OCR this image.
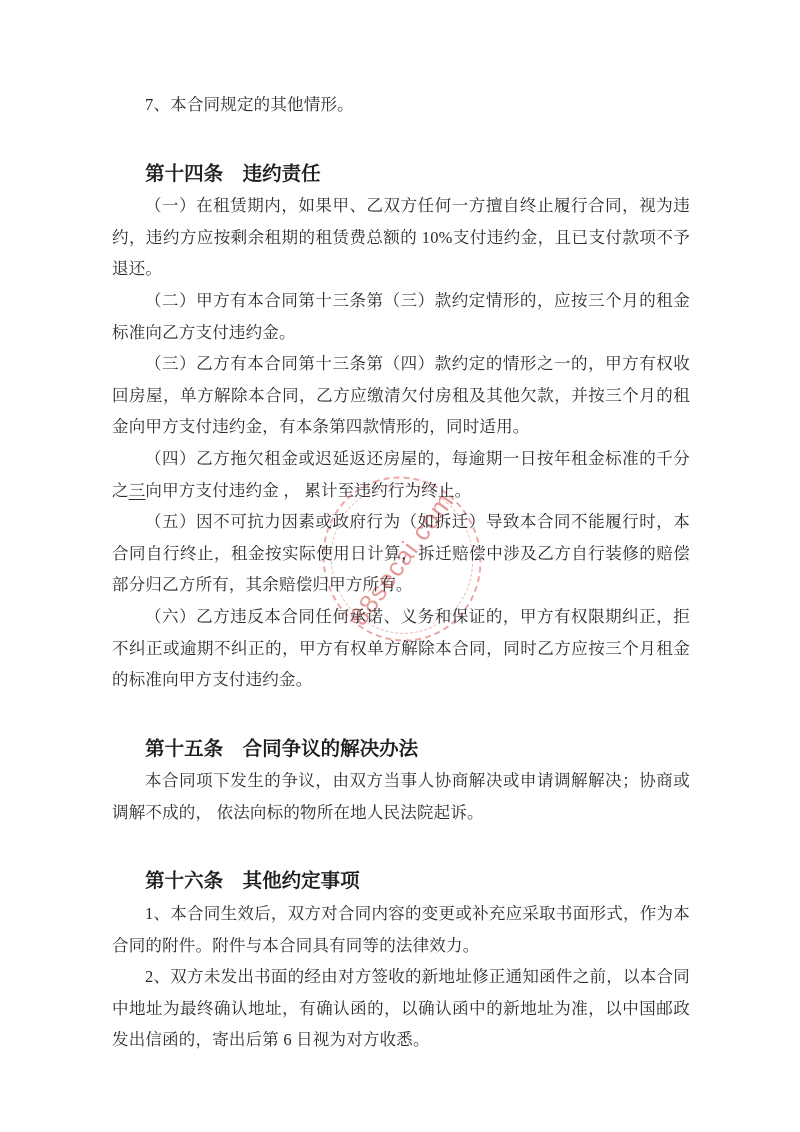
88secai.com

7、本合同规定的其他情形。

第十四条　违约责任

（一）在租赁期内，如果甲、乙双方任何一方擅自终止履行合同，视为违约，违约方应按剩余租期的租赁费总额的 10%支付违约金，且已支付款项不予退还。

（二）甲方有本合同第十三条第（三）款约定情形的，应按三个月的租金标准向乙方支付违约金。

（三）乙方有本合同第十三条第（四）款约定的情形之一的，甲方有权收回房屋，单方解除本合同，乙方应缴清欠付房租及其他欠款，并按三个月的租金向甲方支付违约金，有本条第四款情形的，同时适用。

（四）乙方拖欠租金或迟延返还房屋的，每逾期一日按年租金标准的千分之三向甲方支付违约金 ， 累计至违约行为终止。

（五）因不可抗力因素或政府行为（如拆迁）导致本合同不能履行时，本合同自行终止，租金按实际使用日计算，拆迁赔偿中涉及乙方自行装修的赔偿部分归乙方所有，其余赔偿归甲方所有。

（六）乙方违反本合同任何承诺、义务和保证的，甲方有权限期纠正，拒不纠正或逾期不纠正的，甲方有权单方解除本合同，同时乙方应按三个月租金的标准向甲方支付违约金。

第十五条　合同争议的解决办法

本合同项下发生的争议，由双方当事人协商解决或申请调解解决；协商或调解不成的， 依法向标的物所在地人民法院起诉。

第十六条　其他约定事项

1、本合同生效后，双方对合同内容的变更或补充应采取书面形式，作为本合同的附件。附件与本合同具有同等的法律效力。

2、双方未发出书面的经由对方签收的新地址修正通知函件之前，以本合同中地址为最终确认地址，有确认函的，以确认函中的新地址为准，以中国邮政发出信函的，寄出后第 6 日视为对方收悉。
